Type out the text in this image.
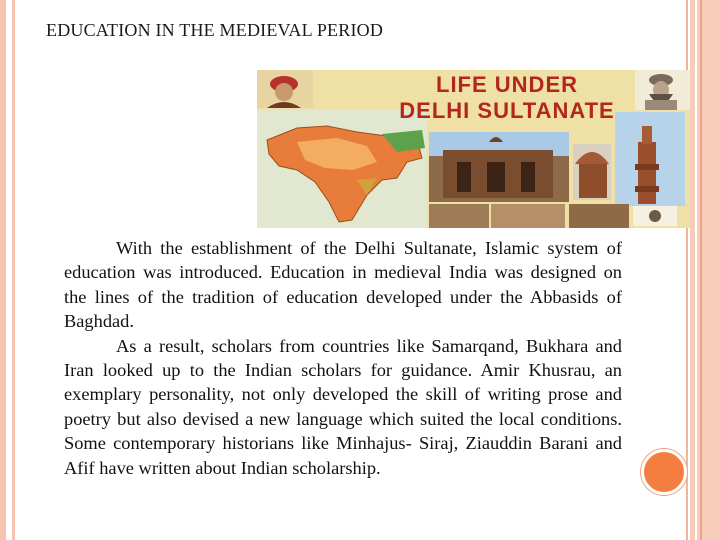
EDUCATION IN THE MEDIEVAL PERIOD
LIFE UNDER
DELHI SULTANATE

With the establishment of the Delhi Sultanate, Islamic system of education was introduced. Education in medieval India was designed on the lines of the tradition of education developed under the Abbasids of Baghdad.

As a result, scholars from countries like Samarqand, Bukhara and Iran looked up to the Indian scholars for guidance. Amir Khusrau, an exemplary personality, not only developed the skill of writing prose and poetry but also devised a new language which suited the local conditions. Some contemporary historians like Minhajus- Siraj, Ziauddin Barani and Afif have written about Indian scholarship.
